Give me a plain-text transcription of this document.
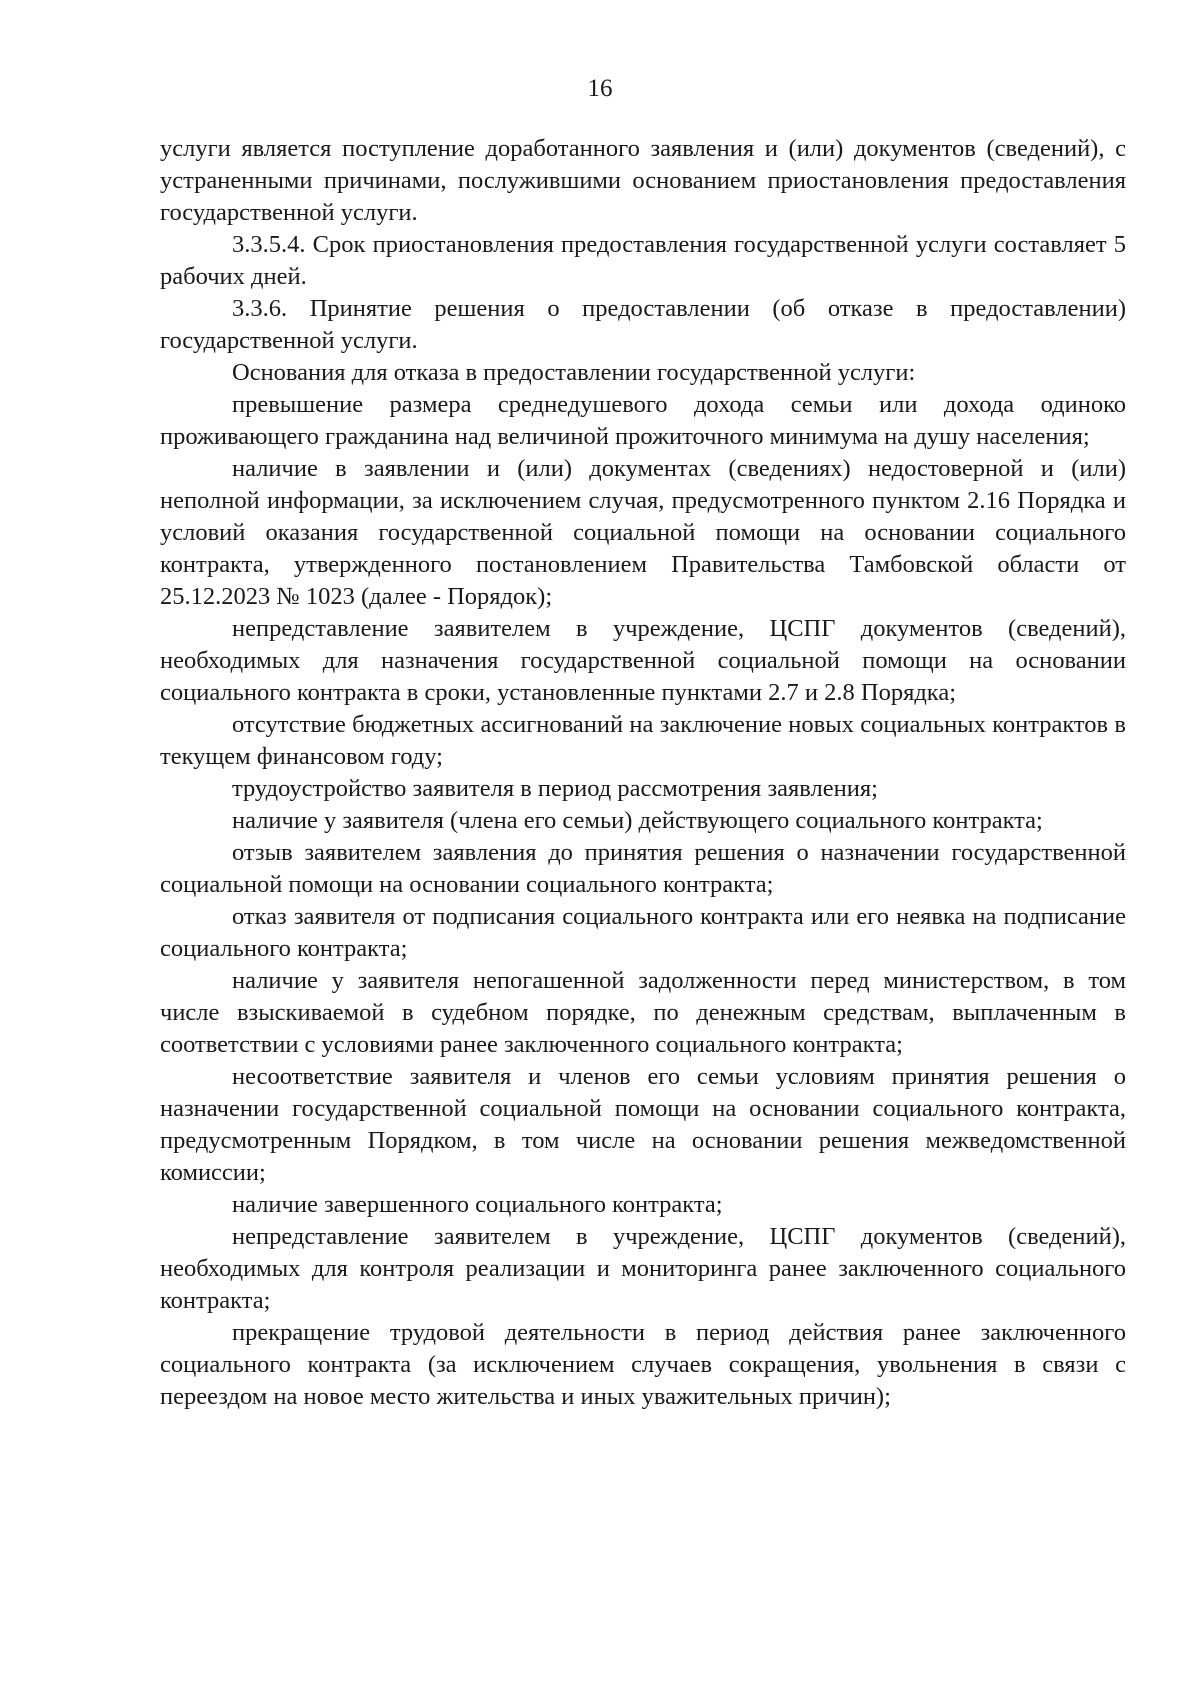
16

услуги является поступление доработанного заявления и (или) документов (сведений), с устраненными причинами, послужившими основанием приостановления предоставления государственной услуги.

3.3.5.4. Срок приостановления предоставления государственной услуги составляет 5 рабочих дней.

3.3.6. Принятие решения о предоставлении (об отказе в предоставлении) государственной услуги.

Основания для отказа в предоставлении государственной услуги:

превышение размера среднедушевого дохода семьи или дохода одиноко проживающего гражданина над величиной прожиточного минимума на душу населения;

наличие в заявлении и (или) документах (сведениях) недостоверной и (или) неполной информации, за исключением случая, предусмотренного пунктом 2.16 Порядка и условий оказания государственной социальной помощи на основании социального контракта, утвержденного постановлением Правительства Тамбовской области от 25.12.2023 № 1023 (далее - Порядок);

непредставление заявителем в учреждение, ЦСПГ документов (сведений), необходимых для назначения государственной социальной помощи на основании социального контракта в сроки, установленные пунктами 2.7 и 2.8 Порядка;

отсутствие бюджетных ассигнований на заключение новых социальных контрактов в текущем финансовом году;

трудоустройство заявителя в период рассмотрения заявления;

наличие у заявителя (члена его семьи) действующего социального контракта;

отзыв заявителем заявления до принятия решения о назначении государственной социальной помощи на основании социального контракта;

отказ заявителя от подписания социального контракта или его неявка на подписание социального контракта;

наличие у заявителя непогашенной задолженности перед министерством, в том числе взыскиваемой в судебном порядке, по денежным средствам, выплаченным в соответствии с условиями ранее заключенного социального контракта;

несоответствие заявителя и членов его семьи условиям принятия решения о назначении государственной социальной помощи на основании социального контракта, предусмотренным Порядком, в том числе на основании решения межведомственной комиссии;

наличие завершенного социального контракта;

непредставление заявителем в учреждение, ЦСПГ документов (сведений), необходимых для контроля реализации и мониторинга ранее заключенного социального контракта;

прекращение трудовой деятельности в период действия ранее заключенного социального контракта (за исключением случаев сокращения, увольнения в связи с переездом на новое место жительства и иных уважительных причин);
